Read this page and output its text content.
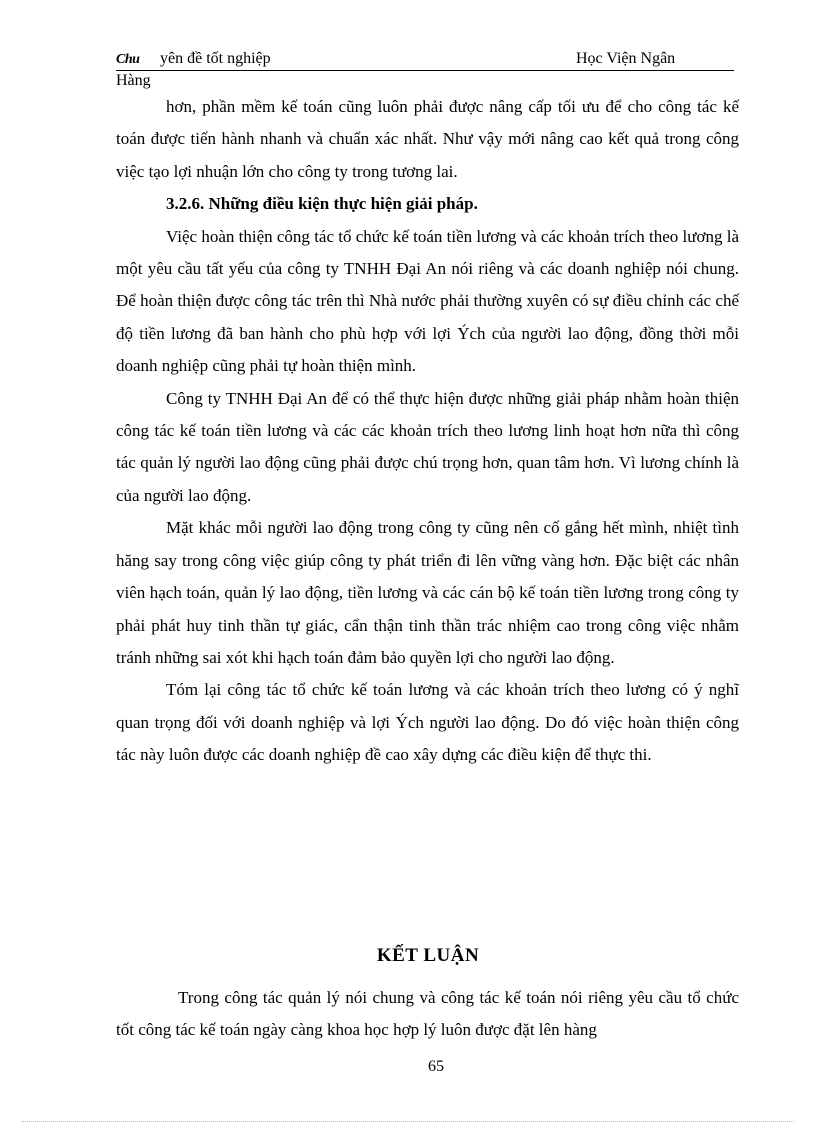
Chu yên đề tốt nghiệp	Học Viện Ngân
Hàng

hơn, phần mềm kế toán cũng luôn phải được nâng cấp tối ưu để cho công tác kế toán được tiến hành nhanh và chuẩn xác nhất. Như vậy mới nâng cao kết quả trong công việc tạo lợi nhuận lớn cho công ty trong tương lai.

3.2.6. Những điều kiện thực hiện giải pháp.

Việc hoàn thiện công tác tổ chức kế toán tiền lương và các khoản trích theo lương là một yêu cầu tất yếu của công ty TNHH Đại An nói riêng và các doanh nghiệp nói chung. Để hoàn thiện được công tác trên thì Nhà nước phải thường xuyên có sự điều chỉnh các chế độ tiền lương đã ban hành cho phù hợp với lợi Ých của người lao động, đồng thời mỗi doanh nghiệp cũng phải tự hoàn thiện mình.

Công ty TNHH Đại An để có thể thực hiện được những giải pháp nhằm hoàn thiện công tác kế toán tiền lương và các các khoản trích theo lương linh hoạt hơn nữa thì công tác quản lý người lao động cũng phải được chú trọng hơn, quan tâm hơn. Vì lương chính là của người lao động.

Mặt khác mỗi người lao động trong công ty cũng nên cố gắng hết mình, nhiệt tình hăng say trong công việc giúp công ty phát triển đi lên vững vàng hơn. Đặc biệt các nhân viên hạch toán, quản lý lao động, tiền lương và các cán bộ kế toán tiền lương trong công ty phải phát huy tinh thần tự giác, cẩn thận tinh thần trác nhiệm cao trong công việc nhằm tránh những sai xót khi hạch toán đảm bảo quyền lợi cho người lao động.

Tóm lại công tác tổ chức kế toán lương và các khoản trích theo lương có ý nghĩ quan trọng đối với doanh nghiệp và lợi Ých người lao động. Do đó việc hoàn thiện công tác này luôn được các doanh nghiệp đề cao xây dựng các điều kiện để thực thi.

KẾT LUẬN

Trong công tác quản lý nói chung và công tác kế toán nói riêng yêu cầu tổ chức tốt công tác kế toán ngày càng khoa học hợp lý luôn được đặt lên hàng

65
